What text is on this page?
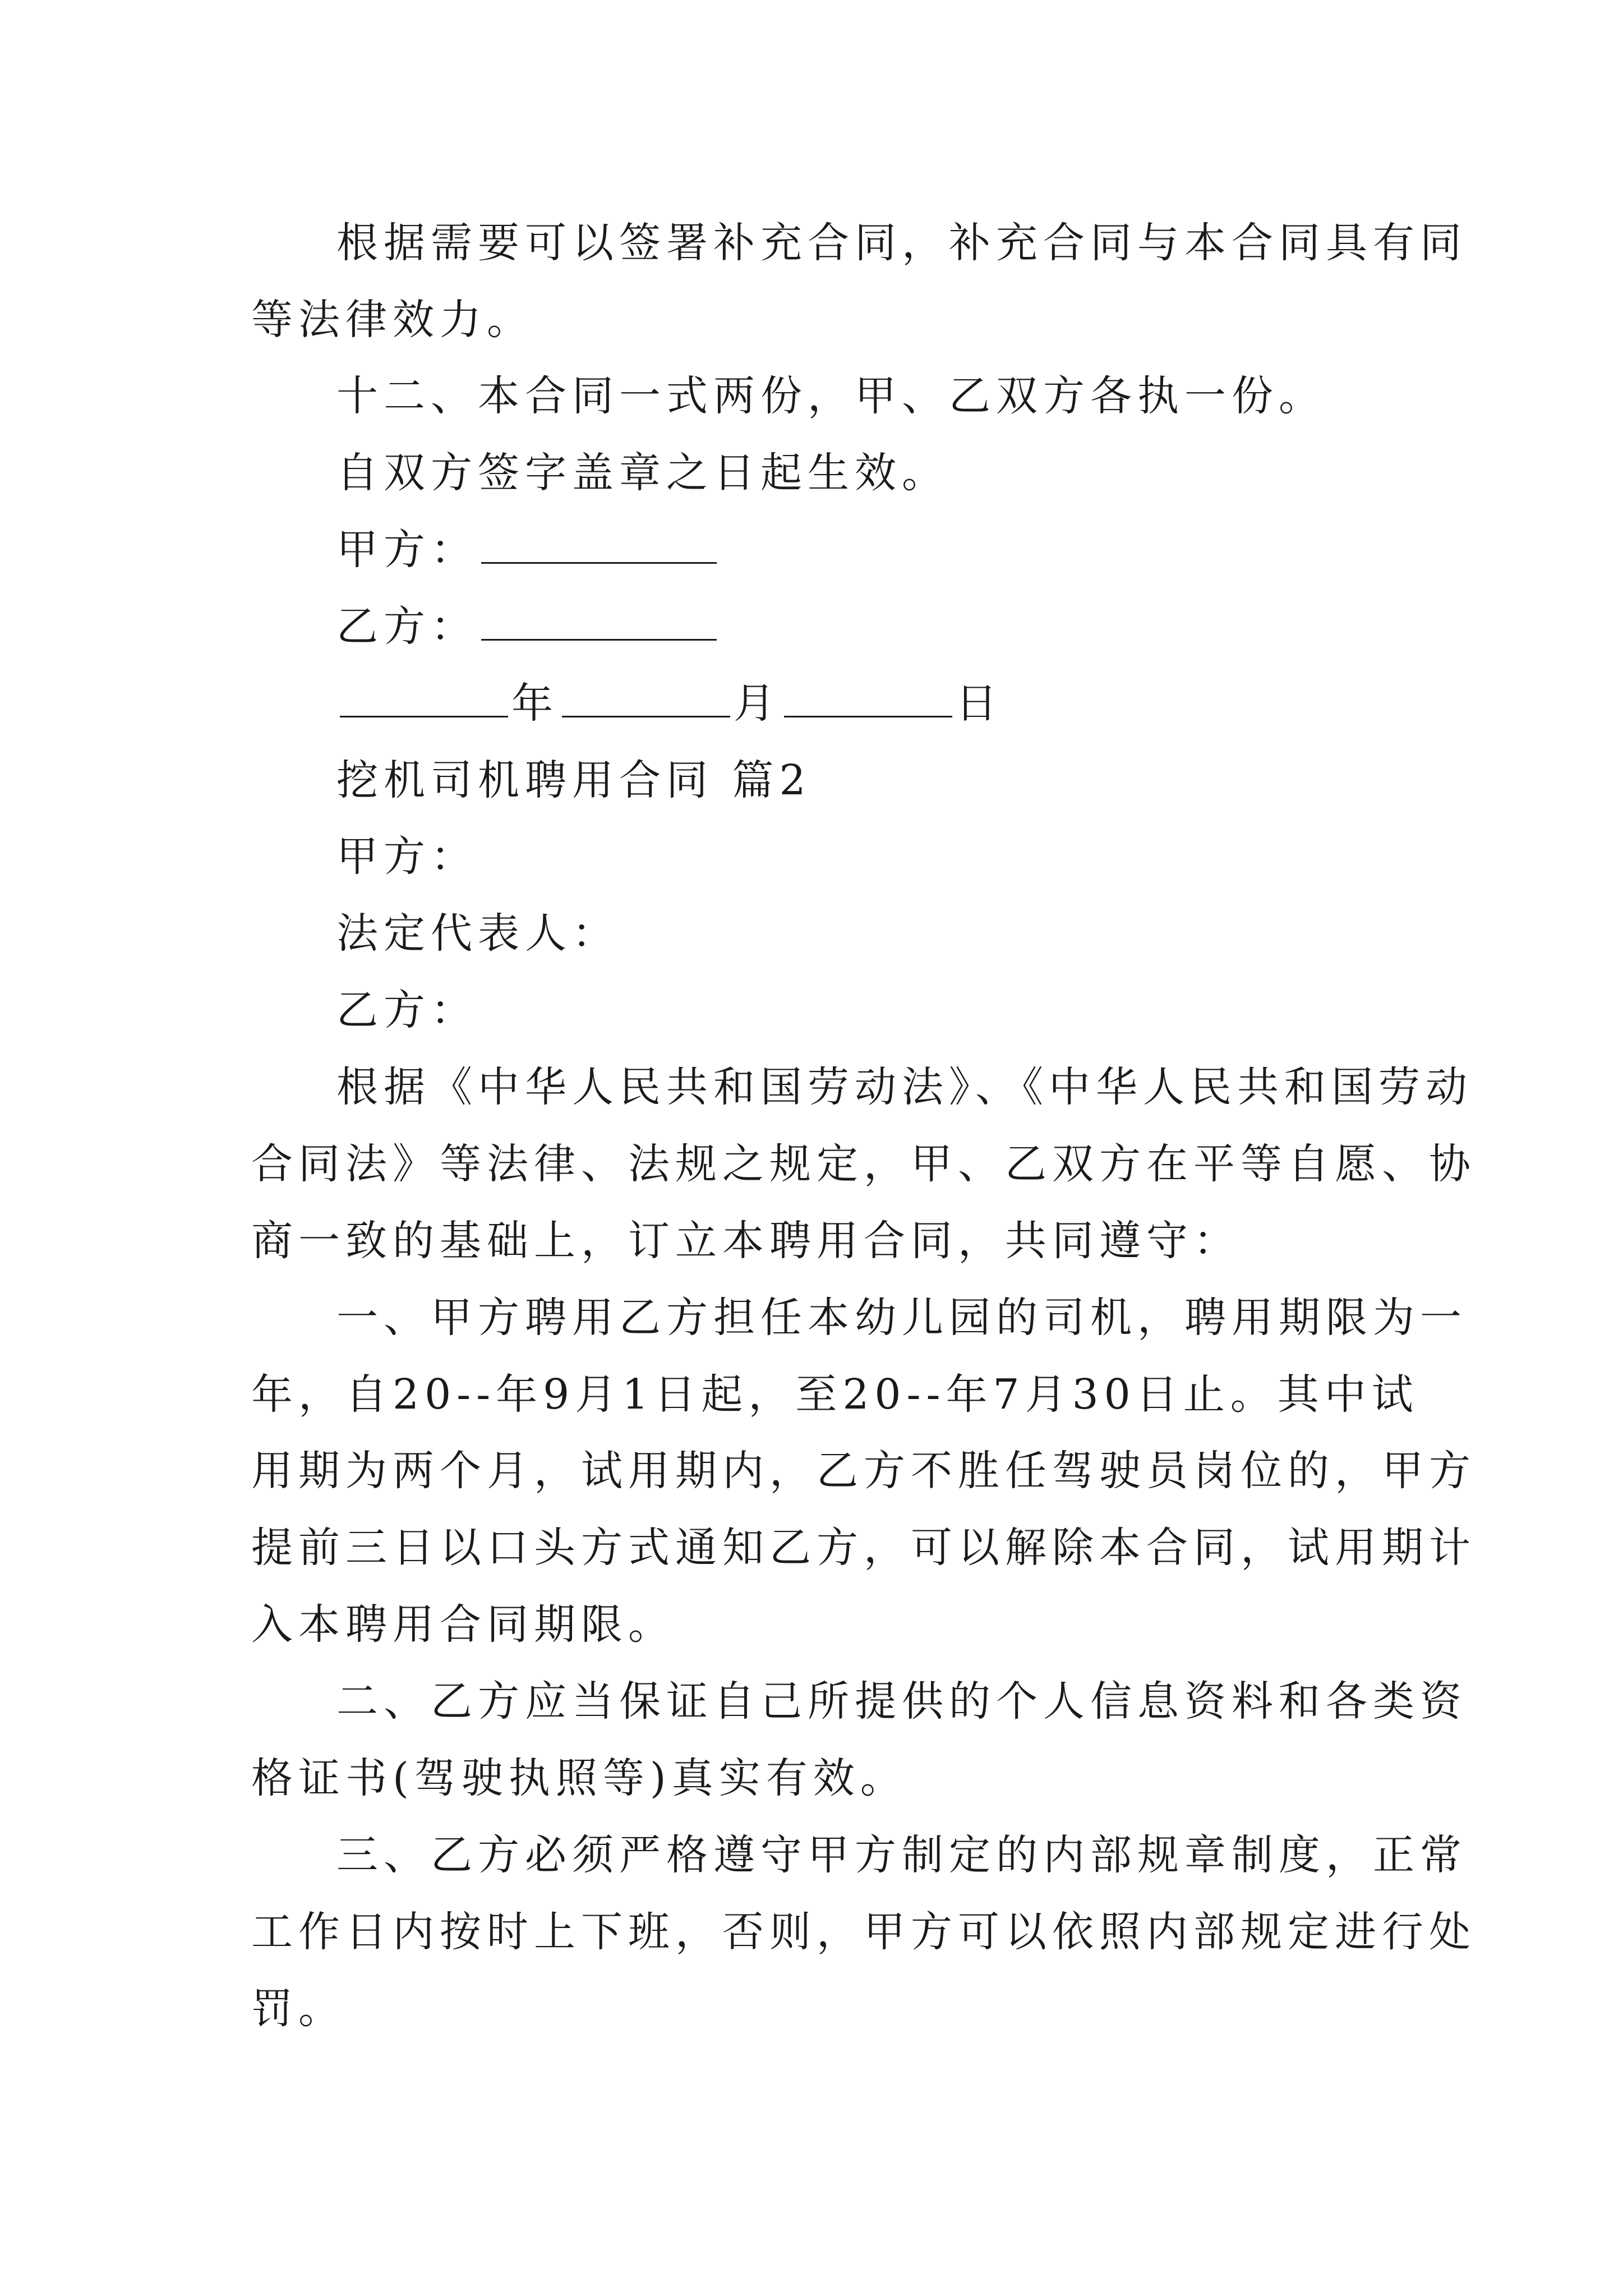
根据需要可以签署补充合同，补充合同与本合同具有同
等法律效力。
十二、本合同一式两份，甲、乙双方各执一份。
自双方签字盖章之日起生效。
甲方：
乙方：
年	月	日
挖机司机聘用合同 篇2
甲方：
法定代表人：
乙方：
根据《中华人民共和国劳动法》、《中华人民共和国劳动
合同法》等法律、法规之规定，甲、乙双方在平等自愿、协
商一致的基础上，订立本聘用合同，共同遵守：
一、甲方聘用乙方担任本幼儿园的司机，聘用期限为一
年，自20--年9月1日起，至20--年7月30日止。其中试
用期为两个月，试用期内，乙方不胜任驾驶员岗位的，甲方
提前三日以口头方式通知乙方，可以解除本合同，试用期计
入本聘用合同期限。
二、乙方应当保证自己所提供的个人信息资料和各类资
格证书(驾驶执照等)真实有效。
三、乙方必须严格遵守甲方制定的内部规章制度，正常
工作日内按时上下班，否则，甲方可以依照内部规定进行处
罚。
